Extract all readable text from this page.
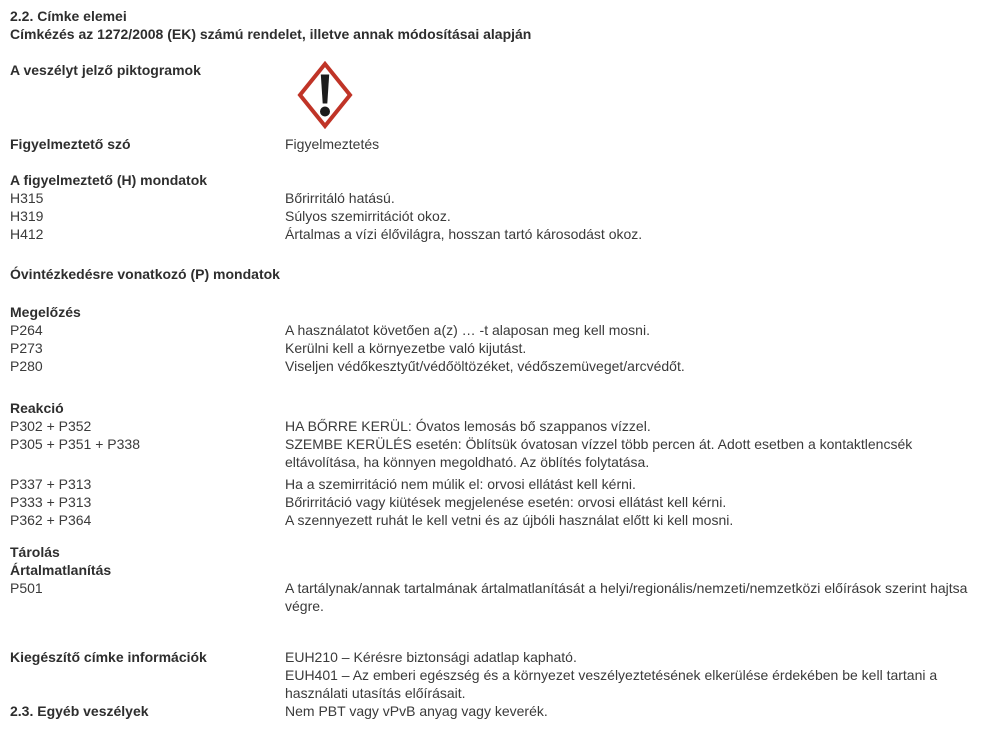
2.2. Címke elemei
Címkézés az 1272/2008 (EK) számú rendelet, illetve annak módosításai alapján
A veszélyt jelző piktogramok
Figyelmeztető szó	Figyelmeztetés
A figyelmeztető (H) mondatok
H315	Bőrirritáló hatású.
H319	Súlyos szemirritációt okoz.
H412	Ártalmas a vízi élővilágra, hosszan tartó károsodást okoz.
Óvintézkedésre vonatkozó (P) mondatok
Megelőzés
P264	A használatot követően a(z) … -t alaposan meg kell mosni.
P273	Kerülni kell a környezetbe való kijutást.
P280	Viseljen védőkesztyűt/védőöltözéket, védőszemüveget/arcvédőt.
Reakció
P302 + P352	HA BŐRRE KERÜL: Óvatos lemosás bő szappanos vízzel.
P305 + P351 + P338	SZEMBE KERÜLÉS esetén: Öblítsük óvatosan vízzel több percen át. Adott esetben a kontaktlencsék eltávolítása, ha könnyen megoldható. Az öblítés folytatása.
P337 + P313	Ha a szemirritáció nem múlik el: orvosi ellátást kell kérni.
P333 + P313	Bőrirritáció vagy kiütések megjelenése esetén: orvosi ellátást kell kérni.
P362 + P364	A szennyezett ruhát le kell vetni és az újbóli használat előtt ki kell mosni.
Tárolás
Ártalmatlanítás
P501	A tartálynak/annak tartalmának ártalmatlanítását a helyi/regionális/nemzeti/nemzetközi előírások szerint hajtsa végre.
Kiegészítő címke információk	EUH210 – Kérésre biztonsági adatlap kapható.
EUH401 – Az emberi egészség és a környezet veszélyeztetésének elkerülése érdekében be kell tartani a használati utasítás előírásait.
2.3. Egyéb veszélyek	Nem PBT vagy vPvB anyag vagy keverék.
